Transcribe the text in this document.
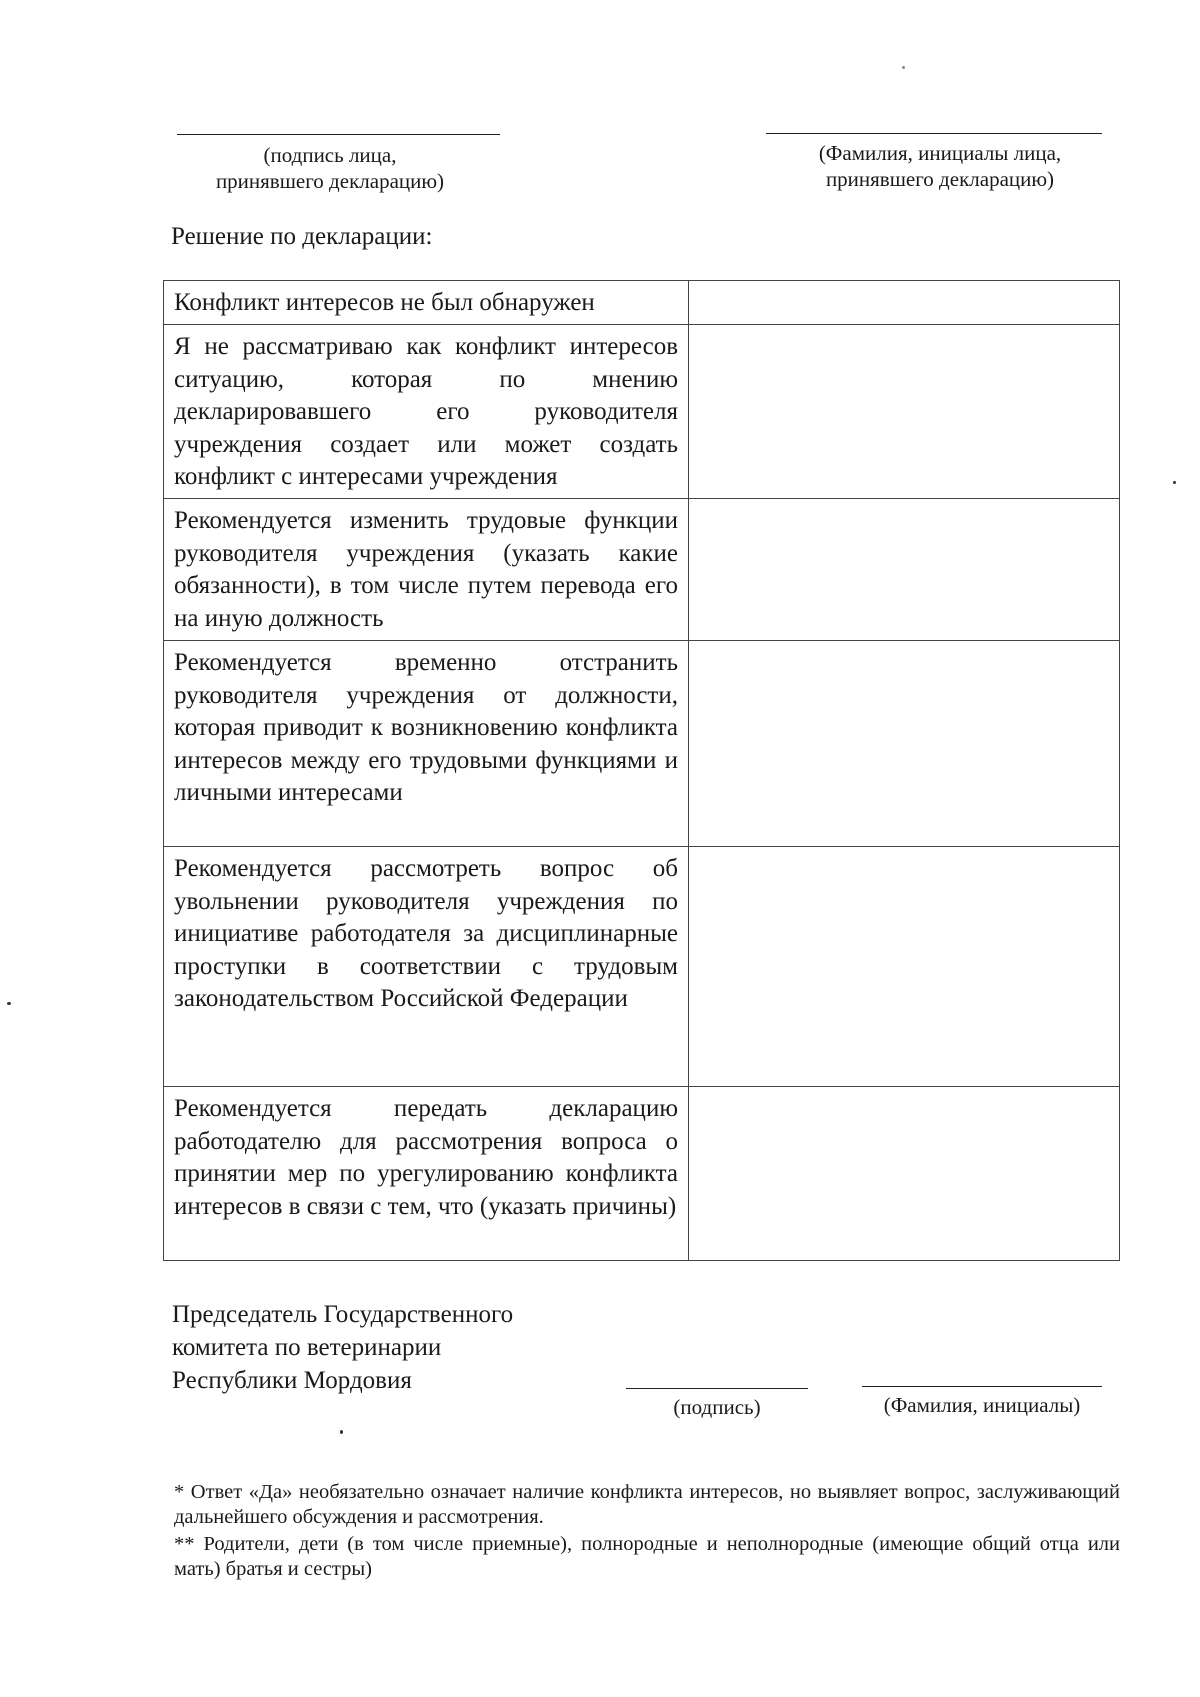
(подпись лица,
принявшего декларацию)
(Фамилия, инициалы лица,
принявшего декларацию)
Решение по декларации:
Конфликт интересов не был обнаружен	
Я не рассматриваю как конфликт интересов ситуацию, которая по мнению декларировавшего его руководителя учреждения создает или может создать конфликт с интересами учреждения	
Рекомендуется изменить трудовые функции руководителя учреждения (указать какие обязанности), в том числе путем перевода его на иную должность	
Рекомендуется временно отстранить руководителя учреждения от должности, которая приводит к возникновению конфликта интересов между его трудовыми функциями и личными интересами	
Рекомендуется рассмотреть вопрос об увольнении руководителя учреждения по инициативе работодателя за дисциплинарные проступки в соответствии с трудовым законодательством Российской Федерации	
Рекомендуется передать декларацию работодателю для рассмотрения вопроса о принятии мер по урегулированию конфликта интересов в связи с тем, что (указать причины)	
Председатель Государственного
комитета по ветеринарии
Республики Мордовия
(подпись)	(Фамилия, инициалы)

* Ответ «Да» необязательно означает наличие конфликта интересов, но выявляет вопрос, заслуживающий дальнейшего обсуждения и рассмотрения.

** Родители, дети (в том числе приемные), полнородные и неполнородные (имеющие общий отца или мать) братья и сестры)
